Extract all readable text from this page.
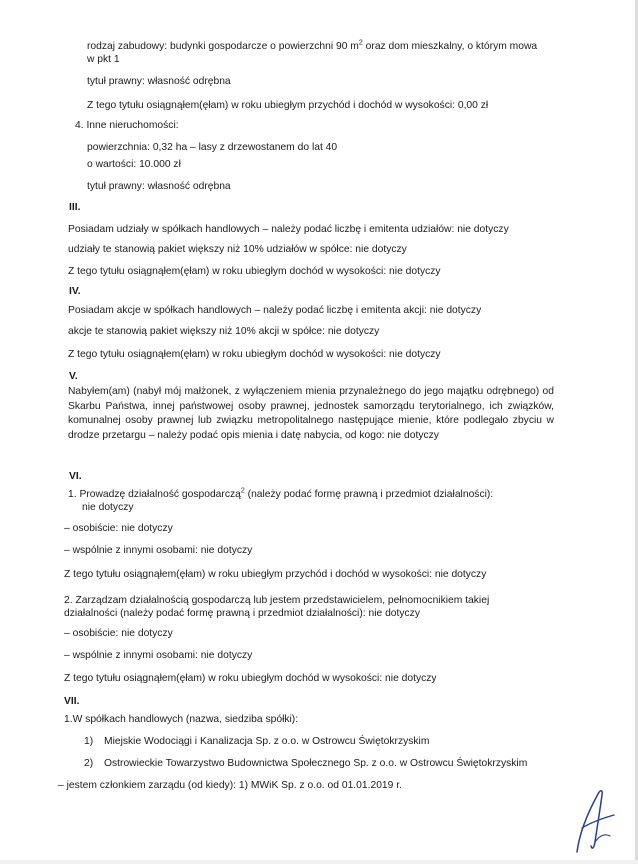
rodzaj zabudowy: budynki gospodarcze o powierzchni 90 $m^2$ oraz dom mieszkalny, o którym mowa
w pkt 1
tytuł prawny: własność odrębna
Z tego tytułu osiągnąłem(ęłam) w roku ubiegłym przychód i dochód w wysokości: 0,00 zł
4. Inne nieruchomości:
powierzchnia: 0,32 ha – lasy z drzewostanem do lat 40
o wartości: 10.000 zł
tytuł prawny: własność odrębna
III.
Posiadam udziały w spółkach handlowych – należy podać liczbę i emitenta udziałów: nie dotyczy
udziały te stanowią pakiet większy niż 10% udziałów w spółce: nie dotyczy
Z tego tytułu osiągnąłem(ęłam) w roku ubiegłym dochód w wysokości: nie dotyczy
IV.
Posiadam akcje w spółkach handlowych – należy podać liczbę i emitenta akcji: nie dotyczy
akcje te stanowią pakiet większy niż 10% akcji w spółce: nie dotyczy
Z tego tytułu osiągnąłem(ęłam) w roku ubiegłym dochód w wysokości: nie dotyczy
V.
Nabyłem(am) (nabył mój małżonek, z wyłączeniem mienia przynależnego do jego majątku odrębnego) od Skarbu Państwa, innej państwowej osoby prawnej, jednostek samorządu terytorialnego, ich związków, komunalnej osoby prawnej lub związku metropolitalnego następujące mienie, które podlegało zbyciu w drodze przetargu – należy podać opis mienia i datę nabycia, od kogo: nie dotyczy
VI.
1. Prowadzę działalność gospodarczą$^2$ (należy podać formę prawną i przedmiot działalności):
nie dotyczy
– osobiście: nie dotyczy
– wspólnie z innymi osobami: nie dotyczy
Z tego tytułu osiągnąłem(ęłam) w roku ubiegłym przychód i dochód w wysokości: nie dotyczy
2. Zarządzam działalnością gospodarczą lub jestem przedstawicielem, pełnomocnikiem takiej
działalności (należy podać formę prawną i przedmiot działalności): nie dotyczy
– osobiście: nie dotyczy
– wspólnie z innymi osobami: nie dotyczy
Z tego tytułu osiągnąłem(ęłam) w roku ubiegłym dochód w wysokości: nie dotyczy
VII.
1.W spółkach handlowych (nazwa, siedziba spółki):
1) Miejskie Wodociągi i Kanalizacja Sp. z o.o. w Ostrowcu Świętokrzyskim
2) Ostrowieckie Towarzystwo Budownictwa Społecznego Sp. z o.o. w Ostrowcu Świętokrzyskim
– jestem członkiem zarządu (od kiedy): 1) MWiK Sp. z o.o. od 01.01.2019 r.
